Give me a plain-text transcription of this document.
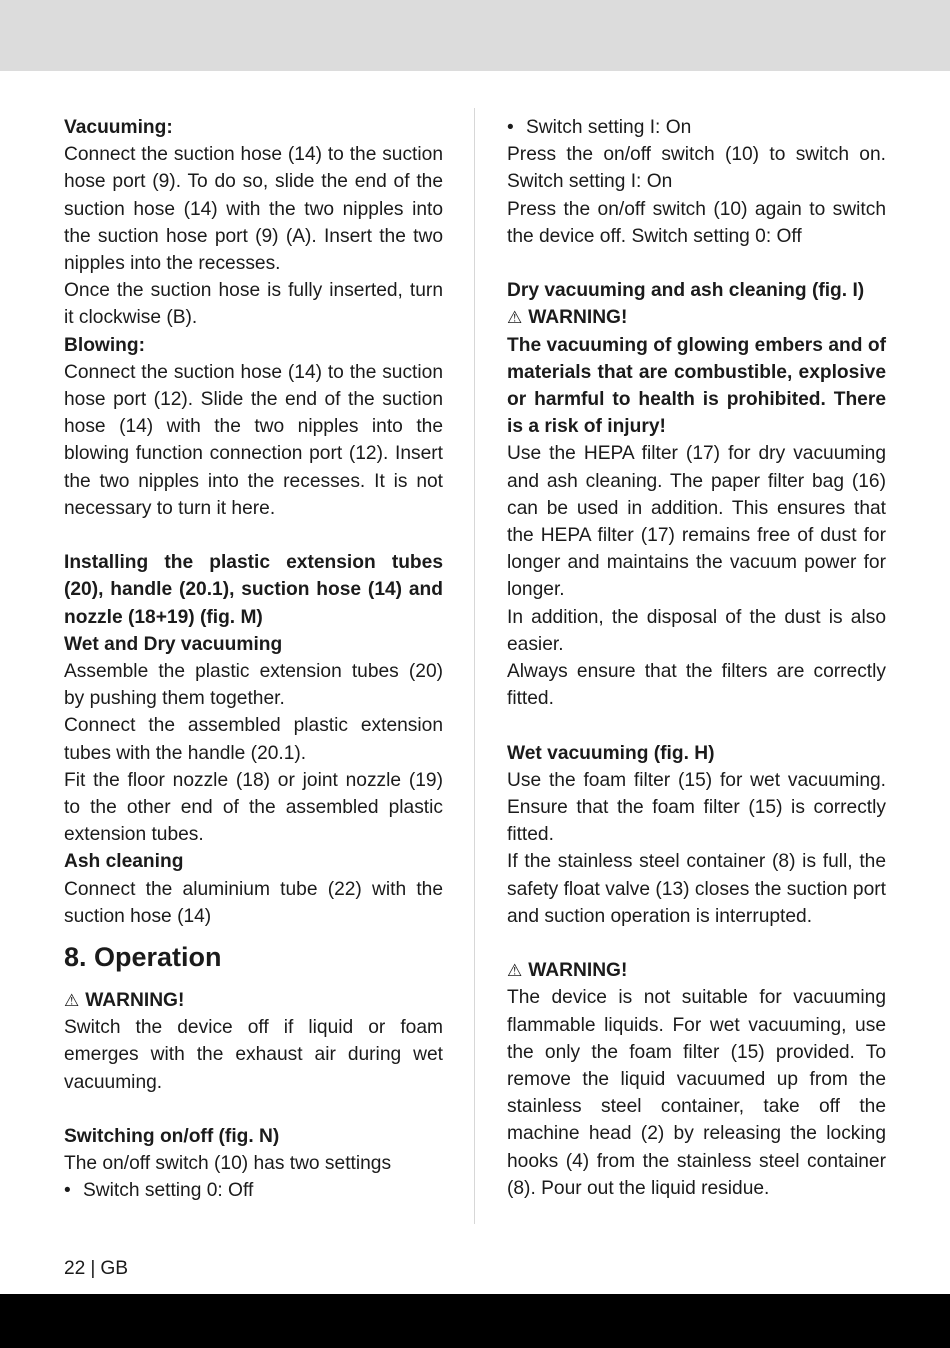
Vacuuming:

Connect the suction hose (14) to the suction hose port (9). To do so, slide the end of the suction hose (14) with the two nipples into the suction hose port (9) (A). Insert the two nipples into the recesses.

Once the suction hose is fully inserted, turn it clockwise (B).

Blowing:

Connect the suction hose (14) to the suction hose port (12). Slide the end of the suction hose (14) with the two nipples into the blowing function connection port (12). Insert the two nipples into the recesses. It is not necessary to turn it here.

Installing the plastic extension tubes (20), handle (20.1), suction hose (14) and nozzle (18+19) (fig. M)

Wet and Dry vacuuming

Assemble the plastic extension tubes (20) by pushing them together.

Connect the assembled plastic extension tubes with the handle (20.1).

Fit the floor nozzle (18) or joint nozzle (19) to the other end of the assembled plastic extension tubes.

Ash cleaning

Connect the aluminium tube (22) with the suction hose (14)

8. Operation

⚠ WARNING!

Switch the device off if liquid or foam emerges with the exhaust air during wet vacuuming.

Switching on/off (fig. N)

The on/off switch (10) has two settings

• Switch setting 0: Off

• Switch setting I: On

Press the on/off switch (10) to switch on. Switch setting I: On

Press the on/off switch (10) again to switch the device off. Switch setting 0: Off

Dry vacuuming and ash cleaning (fig. I)

⚠ WARNING!

The vacuuming of glowing embers and of materials that are combustible, explosive or harmful to health is prohibited. There is a risk of injury!

Use the HEPA filter (17) for dry vacuuming and ash cleaning. The paper filter bag (16) can be used in addition. This ensures that the HEPA filter (17) remains free of dust for longer and maintains the vacuum power for longer.

In addition, the disposal of the dust is also easier.

Always ensure that the filters are correctly fitted.

Wet vacuuming (fig. H)

Use the foam filter (15) for wet vacuuming. Ensure that the foam filter (15) is correctly fitted.

If the stainless steel container (8) is full, the safety float valve (13) closes the suction port and suction operation is interrupted.

⚠ WARNING!

The device is not suitable for vacuuming flammable liquids. For wet vacuuming, use the only the foam filter (15) provided. To remove the liquid vacuumed up from the stainless steel container, take off the machine head (2) by releasing the locking hooks (4) from the stainless steel container (8). Pour out the liquid residue.

22 | GB
